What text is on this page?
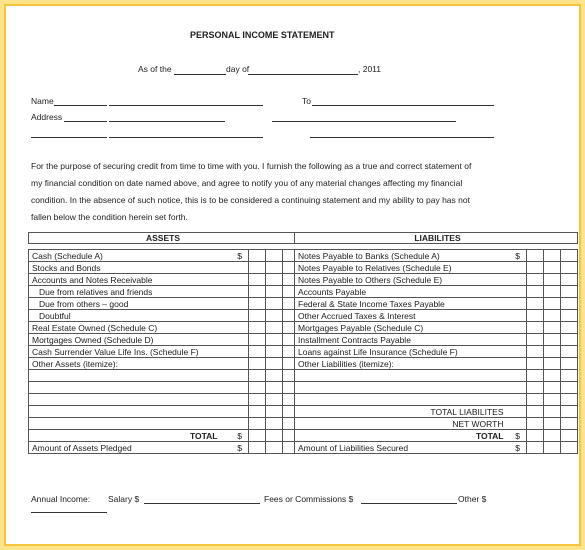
PERSONAL INCOME STATEMENT
As of the	day of	, 2011
Name	To
Address
For the purpose of securing credit from time to time with you. I furnish the following as a true and correct statement of
my financial condition on date named above, and agree to notify you of any material changes affecting my financial
condition. In the absence of such notice, this is to be considered a continuing statement and my ability to pay has not
fallen below the condition herein set forth.
ASSETS					LIABILITES				

Cash (Schedule A)	$				Notes Payable to Banks (Schedule A)	$			
Stocks and Bonds					Notes Payable to Relatives (Schedule E)				
Accounts and Notes Receivable					Notes Payable to Others (Schedule E)				
Due from relatives and friends					Accounts Payable				
Due from others – good					Federal & State Income Taxes Payable				
Doubtful					Other Accrued Taxes & Interest				
Real Estate Owned (Schedule C)					Mortgages Payable (Schedule C)				
Mortgages Owned (Schedule D)					Installment Contracts Payable				
Cash Surrender Value Life Ins. (Schedule F)					Loans against Life Insurance (Schedule F)				
Other Assets (itemize):					Other Liabilities (itemize):				

					TOTAL LIABILITES				
					NET WORTH				
TOTAL	$				TOTAL	$			
Amount of Assets Pledged	$				Amount of Liabilities Secured	$			
Annual Income: Salary $	Fees or Commissions $	Other $
